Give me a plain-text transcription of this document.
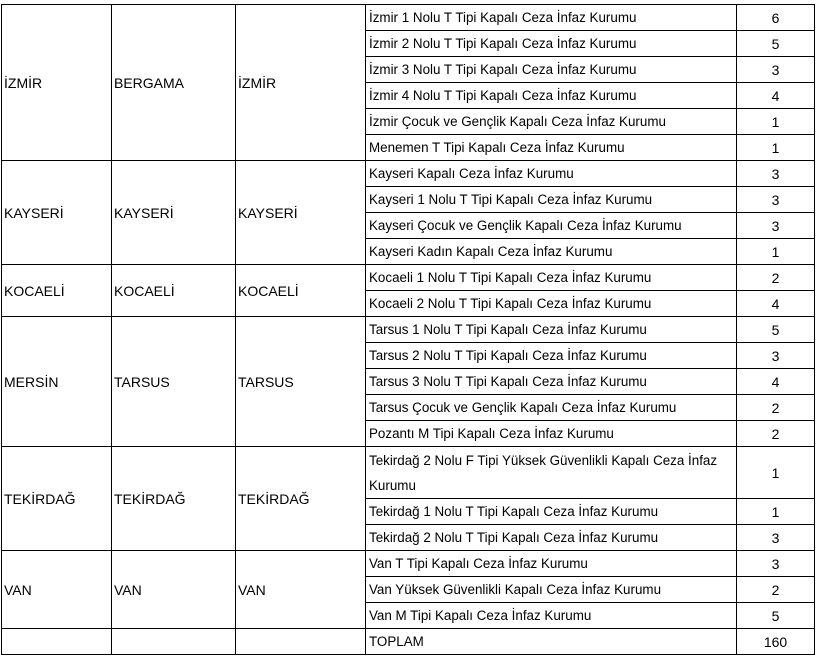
İZMİR	BERGAMA	İZMİR	İzmir 1 Nolu T Tipi Kapalı Ceza İnfaz Kurumu	6
			İzmir 2 Nolu T Tipi Kapalı Ceza İnfaz Kurumu	5
			İzmir 3 Nolu T Tipi Kapalı Ceza İnfaz Kurumu	3
			İzmir 4 Nolu T Tipi Kapalı Ceza İnfaz Kurumu	4
			İzmir Çocuk ve Gençlik Kapalı Ceza İnfaz Kurumu	1
			Menemen T Tipi Kapalı Ceza İnfaz Kurumu	1
KAYSERİ	KAYSERİ	KAYSERİ	Kayseri Kapalı Ceza İnfaz Kurumu	3
			Kayseri 1 Nolu T Tipi Kapalı Ceza İnfaz Kurumu	3
			Kayseri Çocuk ve Gençlik Kapalı Ceza İnfaz Kurumu	3
			Kayseri Kadın Kapalı Ceza İnfaz Kurumu	1
KOCAELİ	KOCAELİ	KOCAELİ	Kocaeli 1 Nolu T Tipi Kapalı Ceza İnfaz Kurumu	2
			Kocaeli 2 Nolu T Tipi Kapalı Ceza İnfaz Kurumu	4
MERSİN	TARSUS	TARSUS	Tarsus 1 Nolu T Tipi Kapalı Ceza İnfaz Kurumu	5
			Tarsus 2 Nolu T Tipi Kapalı Ceza İnfaz Kurumu	3
			Tarsus 3 Nolu T Tipi Kapalı Ceza İnfaz Kurumu	4
			Tarsus Çocuk ve Gençlik Kapalı Ceza İnfaz Kurumu	2
			Pozantı M Tipi Kapalı Ceza İnfaz Kurumu	2
TEKİRDAĞ	TEKİRDAĞ	TEKİRDAĞ	Tekirdağ 2 Nolu F Tipi Yüksek Güvenlikli Kapalı Ceza İnfaz Kurumu	1
			Tekirdağ 1 Nolu T Tipi Kapalı Ceza İnfaz Kurumu	1
			Tekirdağ 2 Nolu T Tipi Kapalı Ceza İnfaz Kurumu	3
VAN	VAN	VAN	Van T Tipi Kapalı Ceza İnfaz Kurumu	3
			Van Yüksek Güvenlikli Kapalı Ceza İnfaz Kurumu	2
			Van M Tipi Kapalı Ceza İnfaz Kurumu	5
			TOPLAM	160
